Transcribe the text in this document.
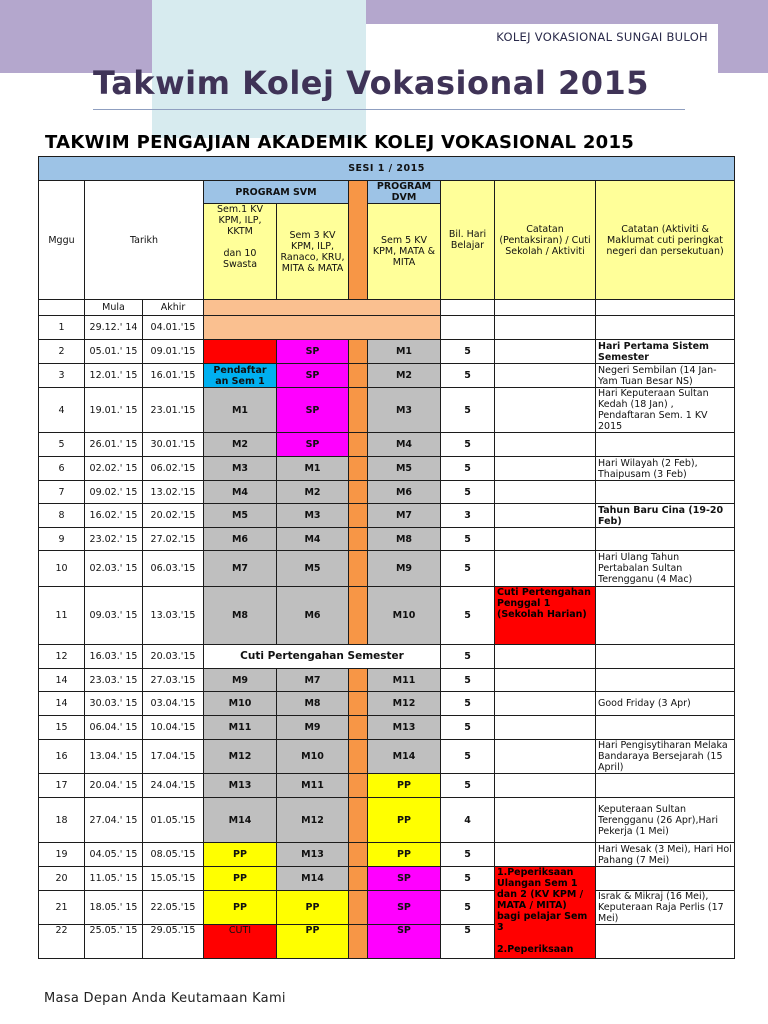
KOLEJ VOKASIONAL SUNGAI BULOH
Takwim Kolej Vokasional 2015
TAKWIM PENGAJIAN AKADEMIK KOLEJ VOKASIONAL 2015
SESI 1 / 2015									
Mggu	Tarikh		PROGRAM SVM			PROGRAM DVM	Bil. Hari Belajar	Catatan (Pentaksiran) / Cuti Sekolah / Aktiviti	Catatan (Aktiviti & Maklumat cuti peringkat negeri dan persekutuan)
			Sem.1 KV KPM, ILP, KKTM

dan 10 Swasta	Sem 3 KV KPM, ILP, Ranaco, KRU, MITA & MATA		Sem 5 KV KPM, MATA & MITA			
	Mula	Akhir							
1	29.12.' 14	04.01.'15							
2	05.01.' 15	09.01.'15		SP		M1	5		Hari Pertama Sistem Semester
3	12.01.' 15	16.01.'15	Pendaftar an Sem 1	SP		M2	5		Negeri Sembilan (14 Jan-Yam Tuan Besar NS)
4	19.01.' 15	23.01.'15	M1	SP		M3	5		Hari Keputeraan Sultan Kedah (18 Jan) , Pendaftaran Sem. 1 KV 2015
5	26.01.' 15	30.01.'15	M2	SP		M4	5		
6	02.02.' 15	06.02.'15	M3	M1		M5	5		Hari Wilayah (2 Feb), Thaipusam (3 Feb)
7	09.02.' 15	13.02.'15	M4	M2		M6	5		
8	16.02.' 15	20.02.'15	M5	M3		M7	3		Tahun Baru Cina (19-20 Feb)
9	23.02.' 15	27.02.'15	M6	M4		M8	5		
10	02.03.' 15	06.03.'15	M7	M5		M9	5		Hari Ulang Tahun Pertabalan Sultan Terengganu (4 Mac)
11	09.03.' 15	13.03.'15	M8	M6		M10	5	Cuti Pertengahan Penggal 1 (Sekolah Harian)	
12	16.03.' 15	20.03.'15	Cuti Pertengahan Semester				5		
14	23.03.' 15	27.03.'15	M9	M7		M11	5		
14	30.03.' 15	03.04.'15	M10	M8		M12	5		Good Friday (3 Apr)
15	06.04.' 15	10.04.'15	M11	M9		M13	5		
16	13.04.' 15	17.04.'15	M12	M10		M14	5		Hari Pengisytiharan Melaka Bandaraya Bersejarah (15 April)
17	20.04.' 15	24.04.'15	M13	M11		PP	5		
18	27.04.' 15	01.05.'15	M14	M12		PP	4		Keputeraan Sultan Terengganu (26 Apr),Hari Pekerja (1 Mei)
19	04.05.' 15	08.05.'15	PP	M13		PP	5		Hari Wesak (3 Mei), Hari Hol Pahang (7 Mei)
20	11.05.' 15	15.05.'15	PP	M14		SP	5	1.Peperiksaan Ulangan Sem 1 dan 2 (KV KPM / MATA / MITA) bagi pelajar Sem 3

2.Peperiksaan	
21	18.05.' 15	22.05.'15	PP	PP		SP	5		Israk & Mikraj (16 Mei), Keputeraan Raja Perlis (17 Mei)
22	25.05.' 15	29.05.'15	CUTI	PP		SP	5		
Masa Depan Anda Keutamaan Kami
